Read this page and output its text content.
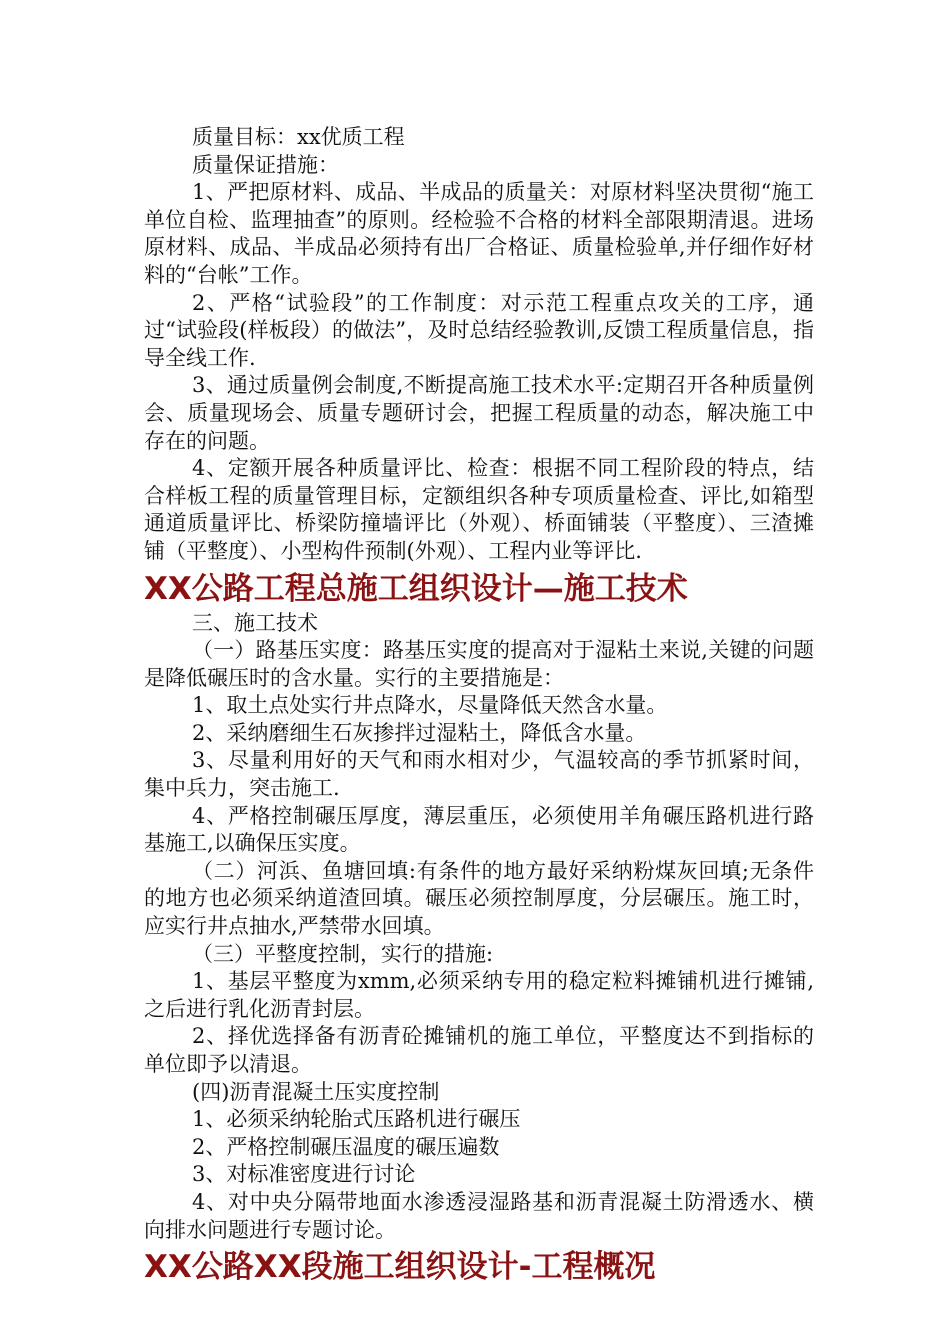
质量目标：xx优质工程

质量保证措施：

1、严把原材料、成品、半成品的质量关：对原材料坚决贯彻“施工单位自检、监理抽查”的原则。经检验不合格的材料全部限期清退。进场原材料、成品、半成品必须持有出厂合格证、质量检验单,并仔细作好材料的“台帐”工作。

2、严格“试验段”的工作制度：对示范工程重点攻关的工序，通过“试验段(样板段）的做法”，及时总结经验教训,反馈工程质量信息，指导全线工作.

3、通过质量例会制度,不断提高施工技术水平:定期召开各种质量例会、质量现场会、质量专题研讨会，把握工程质量的动态，解决施工中存在的问题。

4、定额开展各种质量评比、检查：根据不同工程阶段的特点，结合样板工程的质量管理目标，定额组织各种专项质量检查、评比,如箱型通道质量评比、桥梁防撞墙评比（外观）、桥面铺装（平整度）、三渣摊铺（平整度）、小型构件预制(外观）、工程内业等评比.

XX公路工程总施工组织设计—施工技术

三、施工技术

（一）路基压实度：路基压实度的提高对于湿粘土来说,关键的问题是降低碾压时的含水量。实行的主要措施是：

1、取土点处实行井点降水，尽量降低天然含水量。

2、采纳磨细生石灰掺拌过湿粘土，降低含水量。

3、尽量利用好的天气和雨水相对少，气温较高的季节抓紧时间，集中兵力，突击施工.

4、严格控制碾压厚度，薄层重压，必须使用羊角碾压路机进行路基施工,以确保压实度。

（二）河浜、鱼塘回填:有条件的地方最好采纳粉煤灰回填;无条件的地方也必须采纳道渣回填。碾压必须控制厚度，分层碾压。施工时，应实行井点抽水,严禁带水回填。

（三）平整度控制，实行的措施:

1、基层平整度为xmm,必须采纳专用的稳定粒料摊铺机进行摊铺,之后进行乳化沥青封层。

2、择优选择备有沥青砼摊铺机的施工单位，平整度达不到指标的单位即予以清退。

(四)沥青混凝土压实度控制

1、必须采纳轮胎式压路机进行碾压

2、严格控制碾压温度的碾压遍数

3、对标准密度进行讨论

4、对中央分隔带地面水渗透浸湿路基和沥青混凝土防滑透水、横向排水问题进行专题讨论。

XX公路XX段施工组织设计-工程概况
